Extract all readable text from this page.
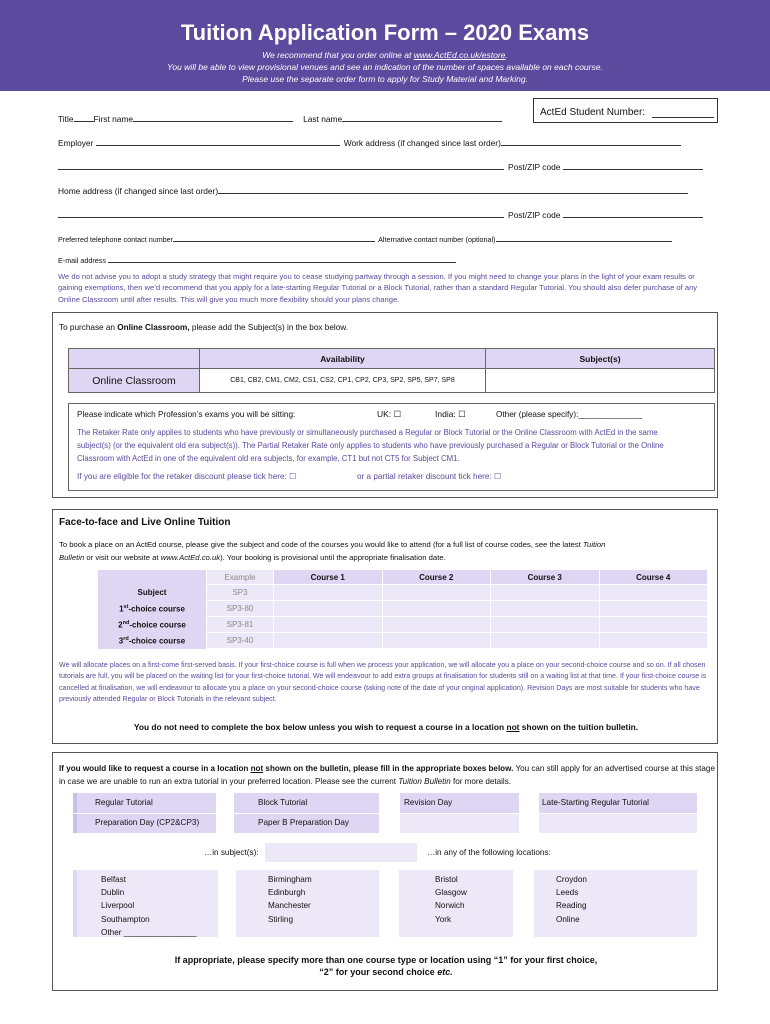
Tuition Application Form – 2020 Exams
We recommend that you order online at www.ActEd.co.uk/estore.
You will be able to view provisional venues and see an indication of the number of spaces available on each course.
Please use the separate order form to apply for Study Material and Marking.
ActEd Student Number:
Title First name	Last name
Employer	Work address (if changed since last order)
Post/ZIP code
Home address (if changed since last order)
Post/ZIP code
Preferred telephone contact number	Alternative contact number (optional)
E-mail address
We do not advise you to adopt a study strategy that might require you to cease studying partway through a session. If you might need to change your plans in the light of your exam results or gaining exemptions, then we’d recommend that you apply for a late-starting Regular Tutorial or a Block Tutorial, rather than a standard Regular Tutorial. You should also defer purchase of any Online Classroom until after results. This will give you much more flexibility should your plans change.
To purchase an Online Classroom, please add the Subject(s) in the box below.
	Availability	Subject(s)
Online Classroom	CB1, CB2, CM1, CM2, CS1, CS2, CP1, CP2, CP3, SP2, SP5, SP7, SP8	
Please indicate which Profession’s exams you will be sitting:	UK: ☐	India: ☐	Other (please specify):______________
The Retaker Rate only applies to students who have previously or simultaneously purchased a Regular or Block Tutorial or the Online Classroom with ActEd in the same subject(s) (or the equivalent old era subject(s)). The Partial Retaker Rate only applies to students who have previously purchased a Regular or Block Tutorial or the Online Classroom with ActEd in one of the equivalent old era subjects, for example, CT1 but not CT5 for Subject CM1.
If you are eligible for the retaker discount please tick here: ☐	or a partial retaker discount tick here: ☐
Face-to-face and Live Online Tuition
To book a place on an ActEd course, please give the subject and code of the courses you would like to attend (for a full list of course codes, see the latest Tuition
Bulletin or visit our website at www.ActEd.co.uk). Your booking is provisional until the appropriate finalisation date.
	Example	Course 1	Course 2	Course 3	Course 4
Subject	SP3				
1st-choice course	SP3-80				
2nd-choice course	SP3-81				
3rd-choice course	SP3-40				
We will allocate places on a first-come first-served basis. If your first-choice course is full when we process your application, we will allocate you a place on your second-choice course and so on. If all chosen tutorials are full, you will be placed on the waiting list for your first-choice tutorial. We will endeavour to add extra groups at finalisation for students still on a waiting list at that time. If your first-choice course is cancelled at finalisation, we will endeavour to allocate you a place on your second-choice course (taking note of the date of your original application). Revision Days are most suitable for students who have previously attended Regular or Block Tutorials in the relevant subject.
You do not need to complete the box below unless you wish to request a course in a location not shown on the tuition bulletin.
If you would like to request a course in a location not shown on the bulletin, please fill in the appropriate boxes below. You can still apply for an advertised course at this stage in case we are unable to run an extra tutorial in your preferred location. Please see the current Tuition Bulletin for more details.
Regular Tutorial
Preparation Day (CP2&CP3)
Block Tutorial
Paper B Preparation Day
Revision Day	Late-Starting Regular Tutorial
…in subject(s):	…in any of the following locations:
Belfast
Dublin
Liverpool
Southampton
Other ________________
Birmingham
Edinburgh
Manchester
Stirling
Bristol
Glasgow
Norwich
York
Croydon
Leeds
Reading
Online
If appropriate, please specify more than one course type or location using “1” for your first choice,
“2” for your second choice etc.
